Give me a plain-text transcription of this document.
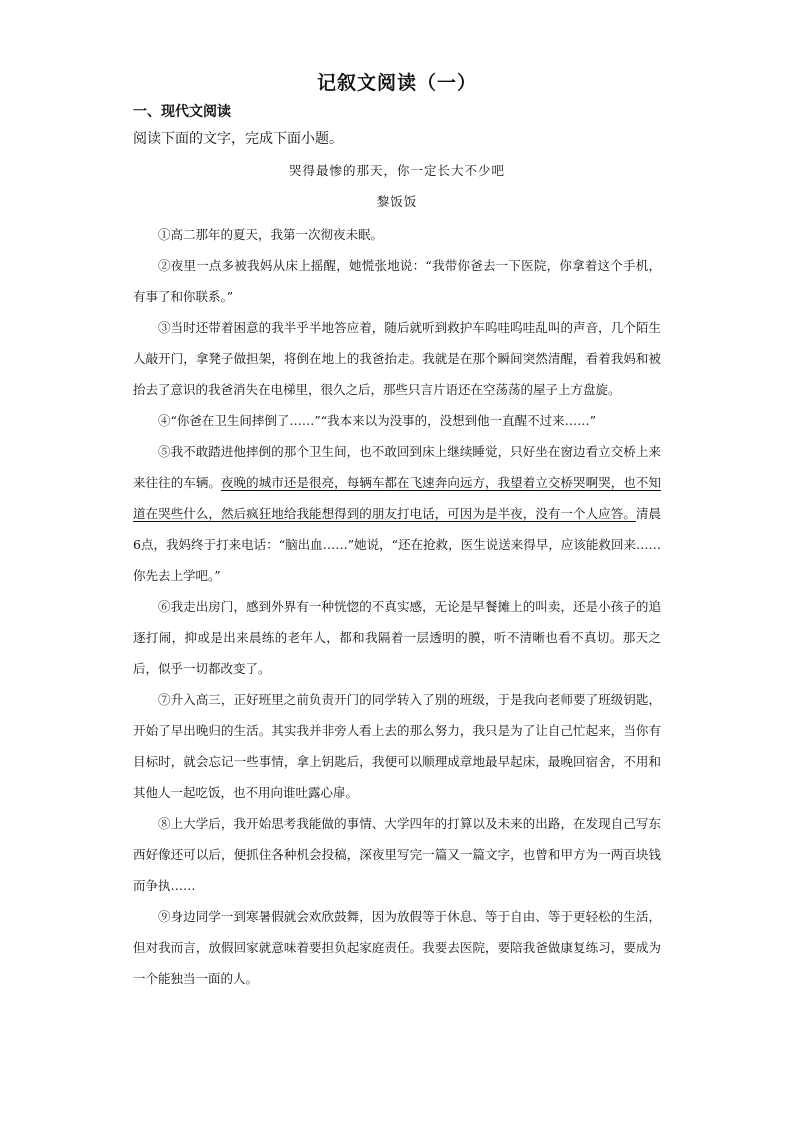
记叙文阅读（一）
一、现代文阅读
阅读下面的文字，完成下面小题。
哭得最惨的那天，你一定长大不少吧
黎饭饭

①高二那年的夏天，我第一次彻夜未眠。

②夜里一点多被我妈从床上摇醒，她慌张地说：“我带你爸去一下医院，你拿着这个手机，有事了和你联系。”

③当时还带着困意的我半乎半地答应着，随后就听到救护车呜哇呜哇乱叫的声音，几个陌生人敲开门，拿凳子做担架，将倒在地上的我爸抬走。我就是在那个瞬间突然清醒，看着我妈和被抬去了意识的我爸消失在电梯里，很久之后，那些只言片语还在空荡荡的屋子上方盘旋。

④“你爸在卫生间摔倒了……”“我本来以为没事的，没想到他一直醒不过来……”

⑤我不敢踏进他摔倒的那个卫生间，也不敢回到床上继续睡觉，只好坐在窗边看立交桥上来来往往的车辆。夜晚的城市还是很亮，每辆车都在飞速奔向远方，我望着立交桥哭啊哭，也不知道在哭些什么，然后疯狂地给我能想得到的朋友打电话，可因为是半夜，没有一个人应答。清晨6点，我妈终于打来电话：“脑出血……”她说，“还在抢救，医生说送来得早，应该能救回来……你先去上学吧。”

⑥我走出房门，感到外界有一种恍惚的不真实感，无论是早餐摊上的叫卖，还是小孩子的追逐打闹，抑或是出来晨练的老年人，都和我隔着一层透明的膜，听不清晰也看不真切。那天之后，似乎一切都改变了。

⑦升入高三，正好班里之前负责开门的同学转入了别的班级，于是我向老师要了班级钥匙，开始了早出晚归的生活。其实我并非旁人看上去的那么努力，我只是为了让自己忙起来，当你有目标时，就会忘记一些事情，拿上钥匙后，我便可以顺理成章地最早起床，最晚回宿舍，不用和其他人一起吃饭，也不用向谁吐露心扉。

⑧上大学后，我开始思考我能做的事情、大学四年的打算以及未来的出路，在发现自己写东西好像还可以后，便抓住各种机会投稿，深夜里写完一篇又一篇文字，也曾和甲方为一两百块钱而争执……

⑨身边同学一到寒暑假就会欢欣鼓舞，因为放假等于休息、等于自由、等于更轻松的生活，但对我而言，放假回家就意味着要担负起家庭责任。我要去医院，要陪我爸做康复练习，要成为一个能独当一面的人。
